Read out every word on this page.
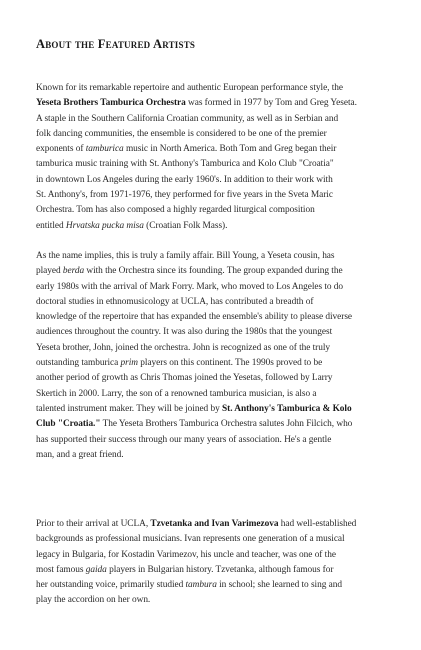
About the Featured Artists
Known for its remarkable repertoire and authentic European performance style, the
Yeseta Brothers Tamburica Orchestra was formed in 1977 by Tom and Greg Yeseta.
A staple in the Southern California Croatian community, as well as in Serbian and
folk dancing communities, the ensemble is considered to be one of the premier
exponents of tamburica music in North America. Both Tom and Greg began their
tamburica music training with St. Anthony's Tamburica and Kolo Club "Croatia"
in downtown Los Angeles during the early 1960's. In addition to their work with
St. Anthony's, from 1971-1976, they performed for five years in the Sveta Maric
Orchestra. Tom has also composed a highly regarded liturgical composition
entitled Hrvatska pucka misa (Croatian Folk Mass).
As the name implies, this is truly a family affair. Bill Young, a Yeseta cousin, has
played berda with the Orchestra since its founding. The group expanded during the
early 1980s with the arrival of Mark Forry. Mark, who moved to Los Angeles to do
doctoral studies in ethnomusicology at UCLA, has contributed a breadth of
knowledge of the repertoire that has expanded the ensemble's ability to please diverse
audiences throughout the country. It was also during the 1980s that the youngest
Yeseta brother, John, joined the orchestra. John is recognized as one of the truly
outstanding tamburica prim players on this continent. The 1990s proved to be
another period of growth as Chris Thomas joined the Yesetas, followed by Larry
Skertich in 2000. Larry, the son of a renowned tamburica musician, is also a
talented instrument maker. They will be joined by St. Anthony's Tamburica & Kolo
Club "Croatia." The Yeseta Brothers Tamburica Orchestra salutes John Filcich, who
has supported their success through our many years of association. He's a gentle
man, and a great friend.
Prior to their arrival at UCLA, Tzvetanka and Ivan Varimezova had well-established
backgrounds as professional musicians. Ivan represents one generation of a musical
legacy in Bulgaria, for Kostadin Varimezov, his uncle and teacher, was one of the
most famous gaida players in Bulgarian history. Tzvetanka, although famous for
her outstanding voice, primarily studied tambura in school; she learned to sing and
play the accordion on her own.
